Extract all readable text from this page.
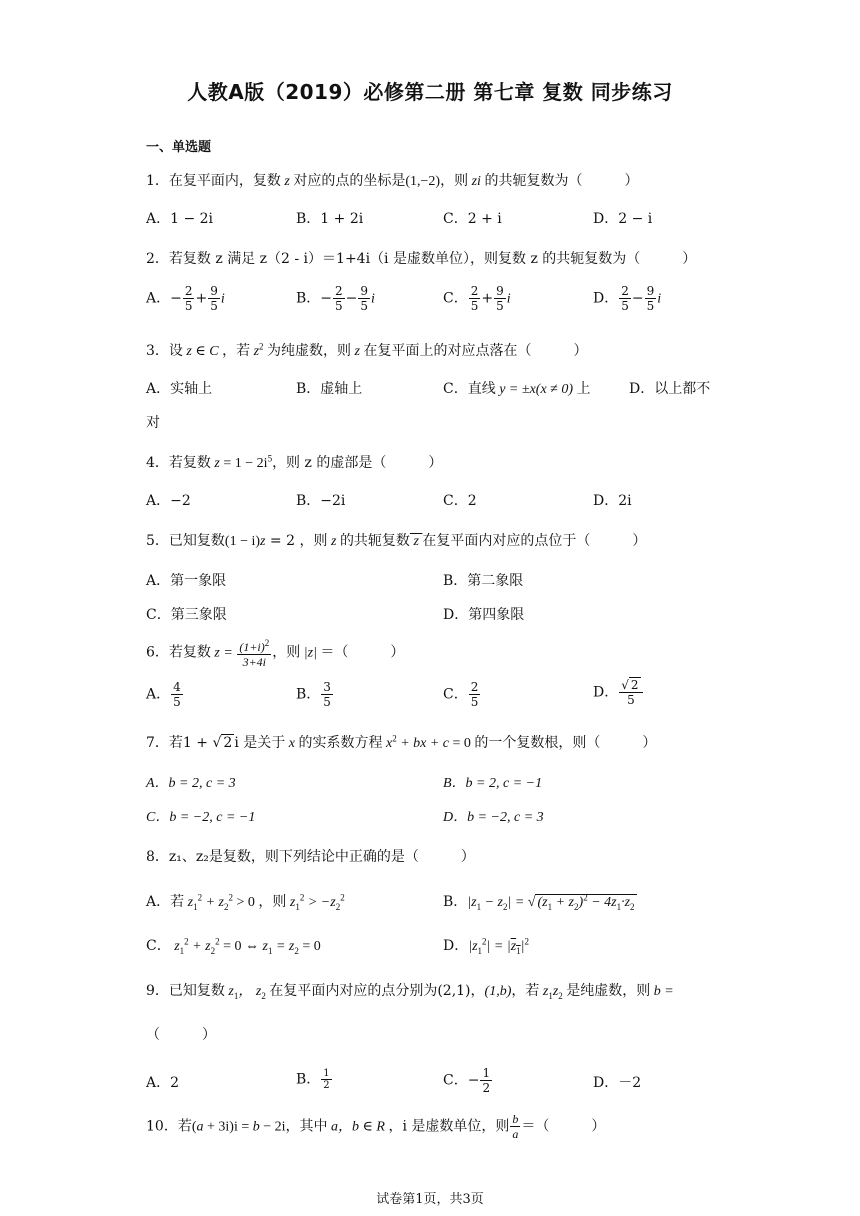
人教A版（2019）必修第二册 第七章 复数 同步练习
一、单选题
1．在复平面内，复数 z 对应的点的坐标是(1,−2)，则 zi 的共轭复数为（　　　）
A．1 − 2i	B．1 + 2i	C．2 + i	D．2 − i
2．若复数 z 满足 z（2 - i）＝1+4i（i 是虚数单位），则复数 z 的共轭复数为（　　　）
A．− $\frac{2}{5} + \frac{9}{5}$ i	B．− $\frac{2}{5} - \frac{9}{5}$ i	C． $\frac{2}{5} + \frac{9}{5}$ i	D． $\frac{2}{5} - \frac{9}{5}$ i
3．设 z ∈ C ，若 $z^2$ 为纯虚数，则 z 在复平面上的对应点落在（　　　）
A．实轴上	B．虚轴上	C．直线 y = ±x(x ≠ 0) 上	D．以上都不
对
4．若复数 $z = 1 - 2i^5$，则 z 的虚部是（　　　）
A．−2	B．−2i	C．2	D．2i
5．已知复数(1 − i)z = 2 ，则 z 的共轭复数 z 在复平面内对应的点位于（　　　）
A．第一象限	B．第二象限
C．第三象限	D．第四象限
6．若复数 $z = \frac{(1+i)^2}{3+4i}$ ，则 |z| ＝（　　　）
A． $\frac{4}{5}$	B． $\frac{3}{5}$	C． $\frac{2}{5}$	D． $\frac{√ 2}{5}$
7．若1 + √ 2 i 是关于 x 的实系数方程 $x^2$ + bx + c = 0 的一个复数根，则（　　　）
A．b = 2, c = 3	B．b = 2, c = −1
C．b = −2, c = −1	D．b = −2, c = 3
8．z₁、z₂是复数，则下列结论中正确的是（　　　）
A．若 $z_1^2 + z_2^2 > 0$ ，则 $z_1^2 > -z_2^2$	B．$|z_1 - z_2|$ = √ $(z_1 + z_2)^2 - 4z_1\cdot z_2$
C． $z_1^2 + z_2^2 = 0$ ⇔ $z_1 = z_2 = 0$	D．$|z_1^2| = |z_1|^2$
9．已知复数 $z_1$， $z_2$ 在复平面内对应的点分别为(2,1)，(1,b)，若 $z_1z_2$ 是纯虚数，则 b =
（　　　）
A．2	B． $\frac{1}{2}$	C．− $\frac{1}{2}$	D．－2
10．若(a + 3i)i = b − 2i，其中 a，b ∈ R ，i 是虚数单位，则 $\frac{b}{a}$ ＝（　　　）
试卷第1页，共3页
